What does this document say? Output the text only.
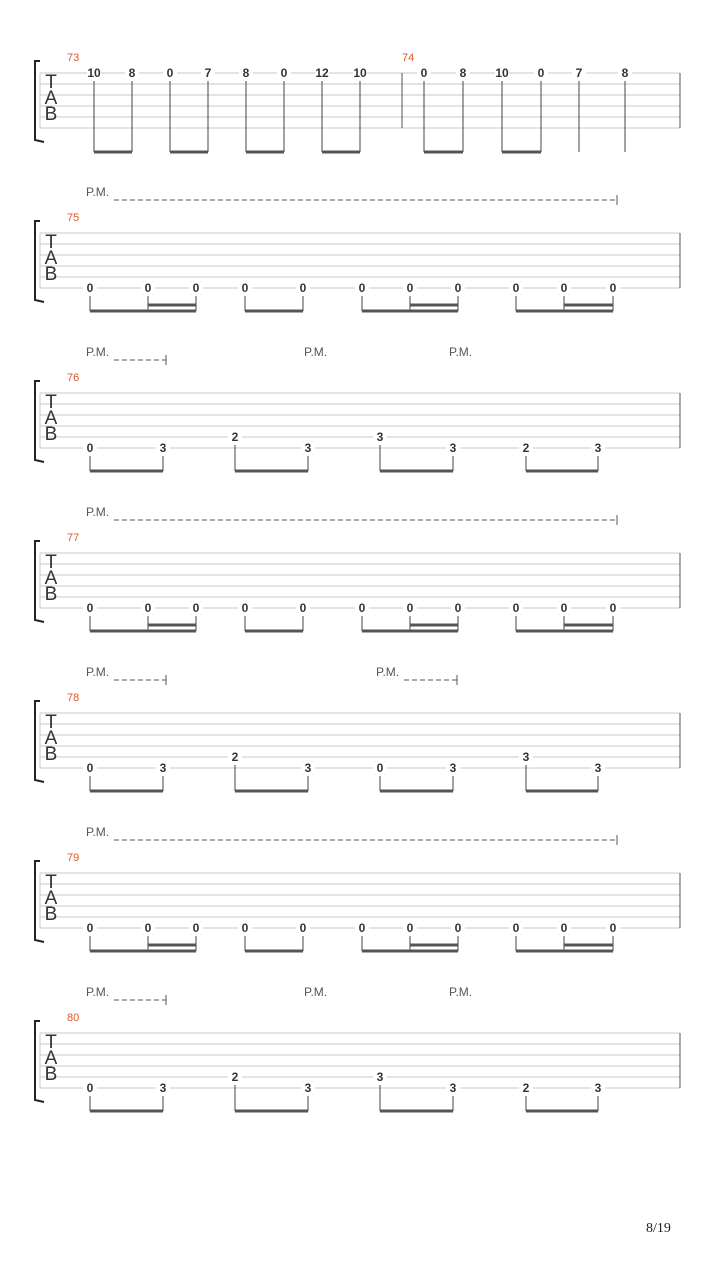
T
A
B
73	74
10 8	0	7	8	0 12 10	0	8 10 0	7	8
T
A
B
75
0	0	0	0	0	0	0	0	0	0	0
P.M.
T
A
B
76
0	3
2
3
3
3	2	3
P.M.	P.M.	P.M.
T
A
B
77
0	0	0	0	0	0	0	0	0	0	0
P.M.
T
A
B
78
0	3
2
3	0	3
3
3
P.M.	P.M.
T
A
B
79
0	0	0	0	0	0	0	0	0	0	0
P.M.
T
A
B
80
0	3
2
3
3
3	2	3
P.M.	P.M.	P.M.
8/19
